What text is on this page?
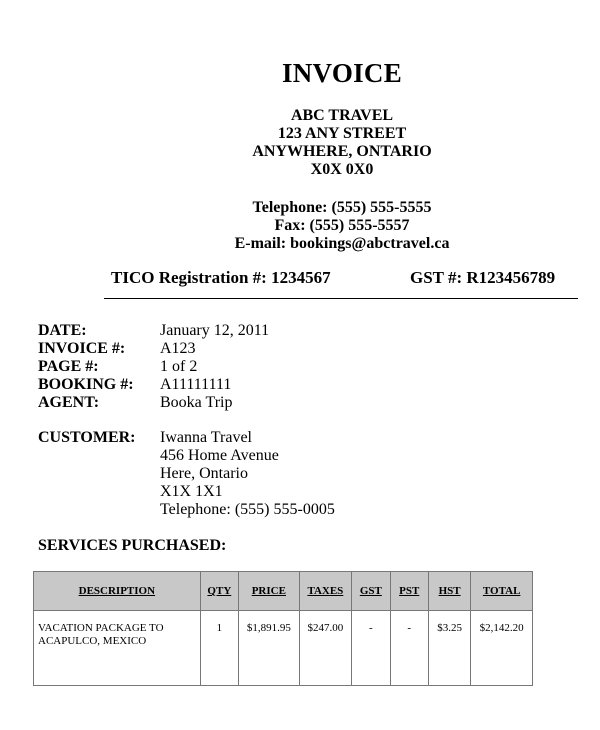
INVOICE
ABC TRAVEL
123 ANY STREET
ANYWHERE, ONTARIO
X0X 0X0
Telephone: (555) 555-5555
Fax: (555) 555-5557
E-mail: bookings@abctravel.ca
TICO Registration #: 1234567	GST #: R123456789
DATE:	January 12, 2011
INVOICE #: A123
PAGE #:	1 of 2
BOOKING #: A11111111
AGENT:	Booka Trip
CUSTOMER: Iwanna Travel
456 Home Avenue
Here, Ontario
X1X 1X1
Telephone: (555) 555-0005
SERVICES PURCHASED:
DESCRIPTION	QTY	PRICE	TAXES	GST	PST	HST	TOTAL
VACATION PACKAGE TO ACAPULCO, MEXICO	1	$1,891.95	$247.00	-	-	$3.25	$2,142.20
